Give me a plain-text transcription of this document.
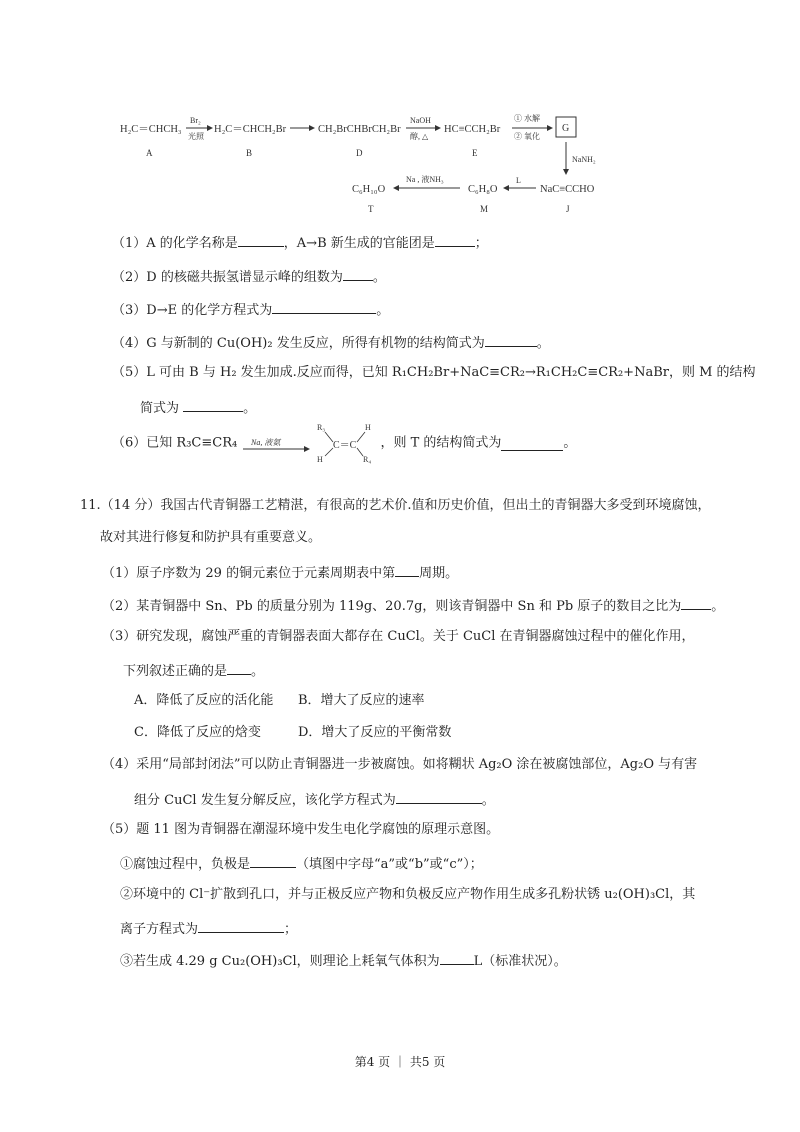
H₂C＝CHCH₃
A
Br₂
光照
H₂C＝CHCH₂Br
B
CH₂BrCHBrCH₂Br
D
NaOH
醇, △
HC≡CCH₂Br
E
① 水解
② 氧化
G
NaNH₂
NaC≡CCHO
J
L
C₆H₈O
M
Na , 液NH₃
C₆H₁₀O
T
（1）A 的化学名称是	，A→B 新生成的官能团是	；
（2）D 的核磁共振氢谱显示峰的组数为 。
（3）D→E 的化学方程式为	。
（4）G 与新制的 Cu(OH)₂ 发生反应，所得有机物的结构简式为	。
（5）L 可由 B 与 H₂ 发生加成.反应而得，已知 R₁CH₂Br+NaC≡CR₂→R₁CH₂C≡CR₂+NaBr，则 M 的结构
简式为	。
（6）已知 R₃C≡CR₄ Na, 液氨
R₃
H
C＝C
H
R₄
，则 T 的结构简式为	。
11.（14 分）我国古代青铜器工艺精湛，有很高的艺术价.值和历史价值，但出土的青铜器大多受到环境腐蚀，
故对其进行修复和防护具有重要意义。
（1）原子序数为 29 的铜元素位于元素周期表中第 周期。
（2）某青铜器中 Sn、Pb 的质量分别为 119g、20.7g，则该青铜器中 Sn 和 Pb 原子的数目之比为 。
（3）研究发现，腐蚀严重的青铜器表面大都存在 CuCl。关于 CuCl 在青铜器腐蚀过程中的催化作用，
下列叙述正确的是 。
A．降低了反应的活化能 B．增大了反应的速率
C．降低了反应的焓变	D．增大了反应的平衡常数
（4）采用“局部封闭法”可以防止青铜器进一步被腐蚀。如将糊状 Ag₂O 涂在被腐蚀部位，Ag₂O 与有害
组分 CuCl 发生复分解反应，该化学方程式为	。
（5）题 11 图为青铜器在潮湿环境中发生电化学腐蚀的原理示意图。
①腐蚀过程中，负极是	（填图中字母“a”或“b”或“c”）；
②环境中的 Cl⁻扩散到孔口，并与正极反应产物和负极反应产物作用生成多孔粉状锈 u₂(OH)₃Cl，其
离子方程式为	；
③若生成 4.29 g Cu₂(OH)₃Cl，则理论上耗氧气体积为	L（标准状况）。
第4 页 ｜ 共5 页
